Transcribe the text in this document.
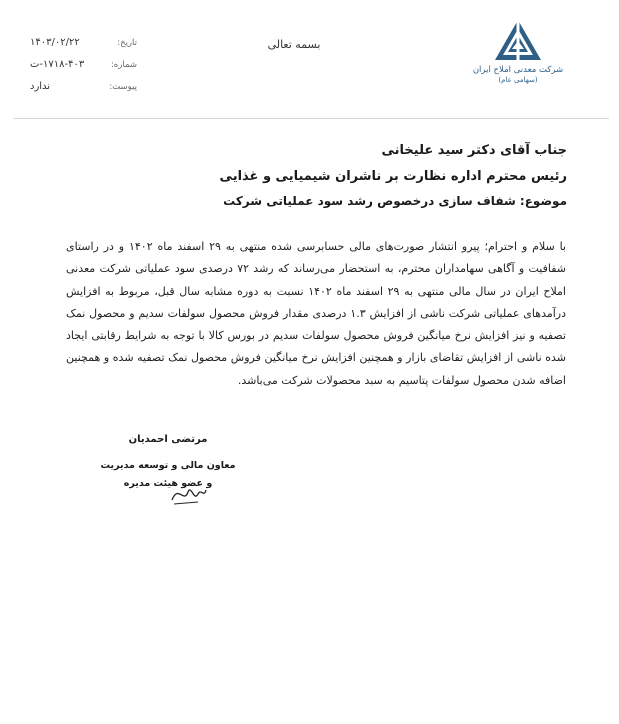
شرکت معدنی املاح ایران
(سهامی عام)
بسمه تعالی
تاریخ:
۱۴۰۳/۰۲/۲۲
شماره:
۱۷۱۸-۴۰۳-ت
پیوست:
ندارد
جناب آقای دکتر سید علیخانی
رئیس محترم اداره نظارت بر ناشران شیمیایی و غذایی
موضوع: شفاف سازی درخصوص رشد سود عملیاتی شرکت

با سلام و احترام؛ پیرو انتشار صورت‌های مالی حسابرسی شده منتهی به ۲۹ اسفند ماه ۱۴۰۲ و در راستای شفافیت و آگاهی سهامداران محترم، به استحضار می‌رساند که رشد ۷۲ درصدی سود عملیاتی شرکت معدنی املاح ایران در سال مالی منتهی به ۲۹ اسفند ماه ۱۴۰۲ نسبت به دوره مشابه سال قبل، مربوط به افزایش درآمدهای عملیاتی شرکت ناشی از افزایش ۱.۳ درصدی مقدار فروش محصول سولفات سدیم و محصول نمک تصفیه و نیز افزایش نرخ میانگین فروش محصول سولفات سدیم در بورس کالا با توجه به شرایط رقابتی ایجاد شده ناشی از افزایش تقاضای بازار و همچنین افزایش نرخ میانگین فروش محصول نمک تصفیه شده و همچنین اضافه شدن محصول سولفات پتاسیم به سبد محصولات شرکت می‌باشد.

مرتضی احمدیان
معاون مالی و توسعه مدیریت و عضو هیئت مدیره
